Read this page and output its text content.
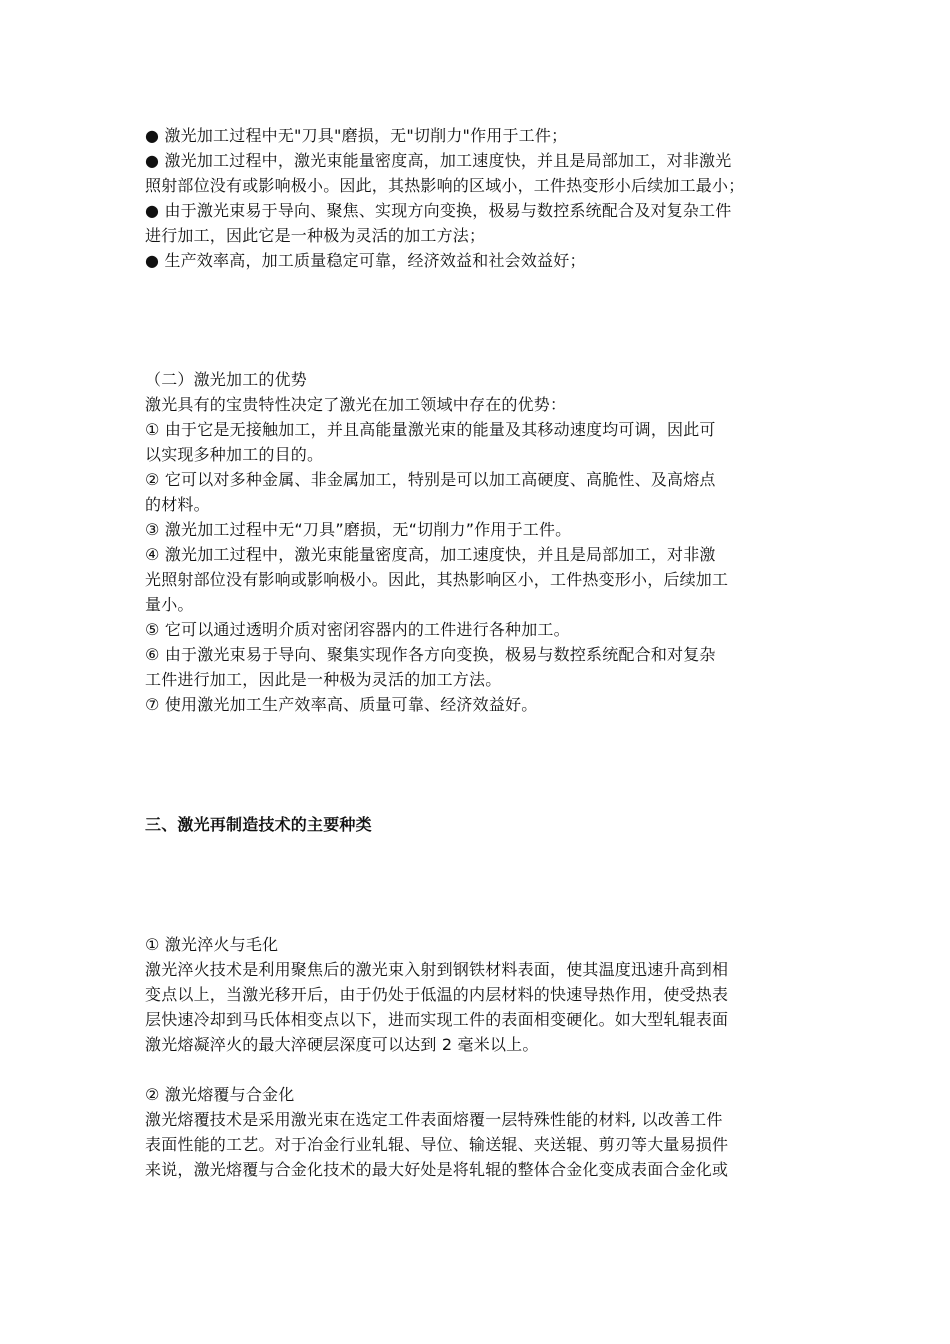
● 激光加工过程中无"刀具"磨损，无"切削力"作用于工件；
● 激光加工过程中，激光束能量密度高，加工速度快，并且是局部加工，对非激光
照射部位没有或影响极小。因此，其热影响的区域小，工件热变形小后续加工最小；
● 由于激光束易于导向、聚焦、实现方向变换，极易与数控系统配合及对复杂工件
进行加工，因此它是一种极为灵活的加工方法；
● 生产效率高，加工质量稳定可靠，经济效益和社会效益好；
（二）激光加工的优势
激光具有的宝贵特性决定了激光在加工领域中存在的优势：
① 由于它是无接触加工，并且高能量激光束的能量及其移动速度均可调，因此可
以实现多种加工的目的。
② 它可以对多种金属、非金属加工，特别是可以加工高硬度、高脆性、及高熔点
的材料。
③ 激光加工过程中无“刀具”磨损，无“切削力”作用于工件。
④ 激光加工过程中，激光束能量密度高，加工速度快，并且是局部加工，对非激
光照射部位没有影响或影响极小。因此，其热影响区小，工件热变形小，后续加工
量小。
⑤ 它可以通过透明介质对密闭容器内的工件进行各种加工。
⑥ 由于激光束易于导向、聚集实现作各方向变换，极易与数控系统配合和对复杂
工件进行加工，因此是一种极为灵活的加工方法。
⑦ 使用激光加工生产效率高、质量可靠、经济效益好。
三、激光再制造技术的主要种类
① 激光淬火与毛化
激光淬火技术是利用聚焦后的激光束入射到钢铁材料表面，使其温度迅速升高到相
变点以上，当激光移开后，由于仍处于低温的内层材料的快速导热作用，使受热表
层快速冷却到马氏体相变点以下，进而实现工件的表面相变硬化。如大型轧辊表面
激光熔凝淬火的最大淬硬层深度可以达到 2 毫米以上。
② 激光熔覆与合金化
激光熔覆技术是采用激光束在选定工件表面熔覆一层特殊性能的材料, 以改善工件
表面性能的工艺。对于冶金行业轧辊、导位、输送辊、夹送辊、剪刃等大量易损件
来说，激光熔覆与合金化技术的最大好处是将轧辊的整体合金化变成表面合金化或
